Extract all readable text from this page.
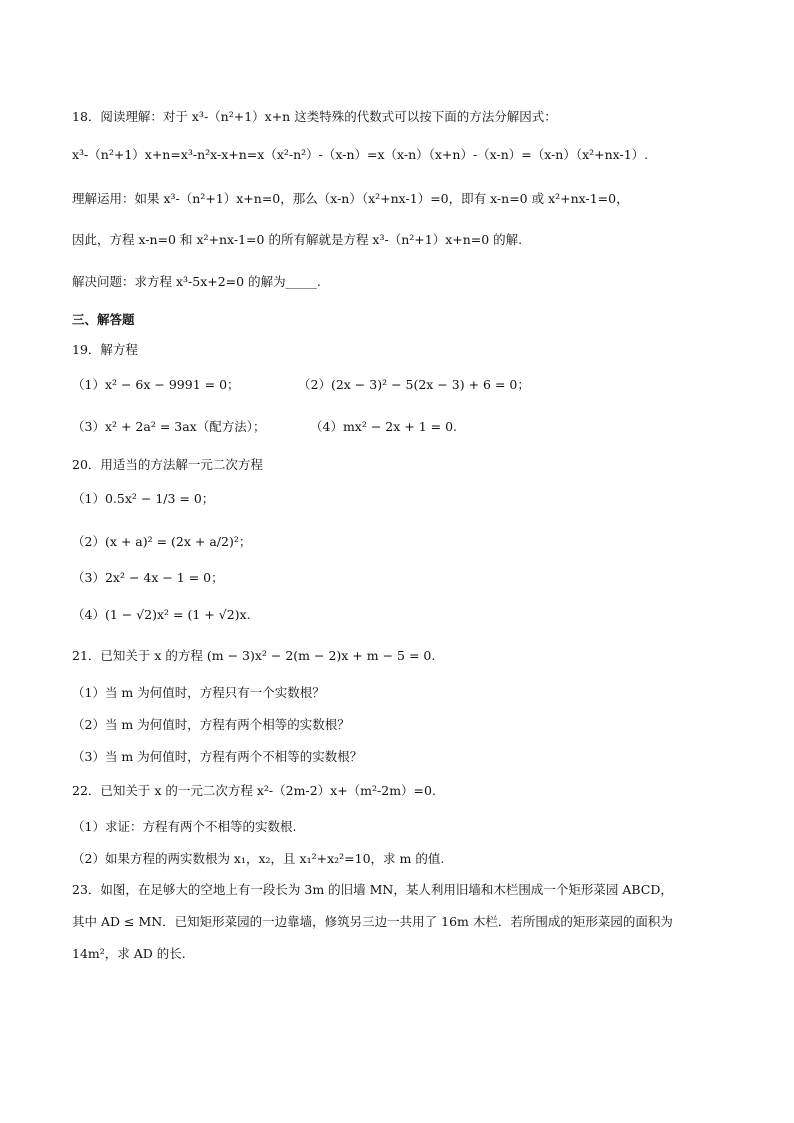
18．阅读理解：对于 x³-（n²+1）x+n 这类特殊的代数式可以按下面的方法分解因式：
x³-（n²+1）x+n=x³-n²x-x+n=x（x²-n²）-（x-n）=x（x-n）（x+n）-（x-n）=（x-n）（x²+nx-1）.
理解运用：如果 x³-（n²+1）x+n=0，那么（x-n）（x²+nx-1）=0，即有 x-n=0 或 x²+nx-1=0，
因此，方程 x-n=0 和 x²+nx-1=0 的所有解就是方程 x³-（n²+1）x+n=0 的解.
解决问题：求方程 x³-5x+2=0 的解为_____.
三、解答题
19．解方程
（1）x² − 6x − 9991 = 0；	（2）(2x − 3)² − 5(2x − 3) + 6 = 0；
（3）x² + 2a² = 3ax（配方法）；	（4）mx² − 2x + 1 = 0.
20．用适当的方法解一元二次方程
（1）0.5x² − 1/3 = 0；
（2）(x + a)² = (2x + a/2)²；
（3）2x² − 4x − 1 = 0；
（4）(1 − √2)x² = (1 + √2)x.
21．已知关于 x 的方程 (m − 3)x² − 2(m − 2)x + m − 5 = 0.
（1）当 m 为何值时，方程只有一个实数根？
（2）当 m 为何值时，方程有两个相等的实数根？
（3）当 m 为何值时，方程有两个不相等的实数根？
22．已知关于 x 的一元二次方程 x²-（2m-2）x+（m²-2m）=0.
（1）求证：方程有两个不相等的实数根.
（2）如果方程的两实数根为 x₁，x₂，且 x₁²+x₂²=10，求 m 的值.
23．如图，在足够大的空地上有一段长为 3m 的旧墙 MN，某人利用旧墙和木栏围成一个矩形菜园 ABCD，
其中 AD ≤ MN．已知矩形菜园的一边靠墙，修筑另三边一共用了 16m 木栏．若所围成的矩形菜园的面积为
14m²，求 AD 的长.
